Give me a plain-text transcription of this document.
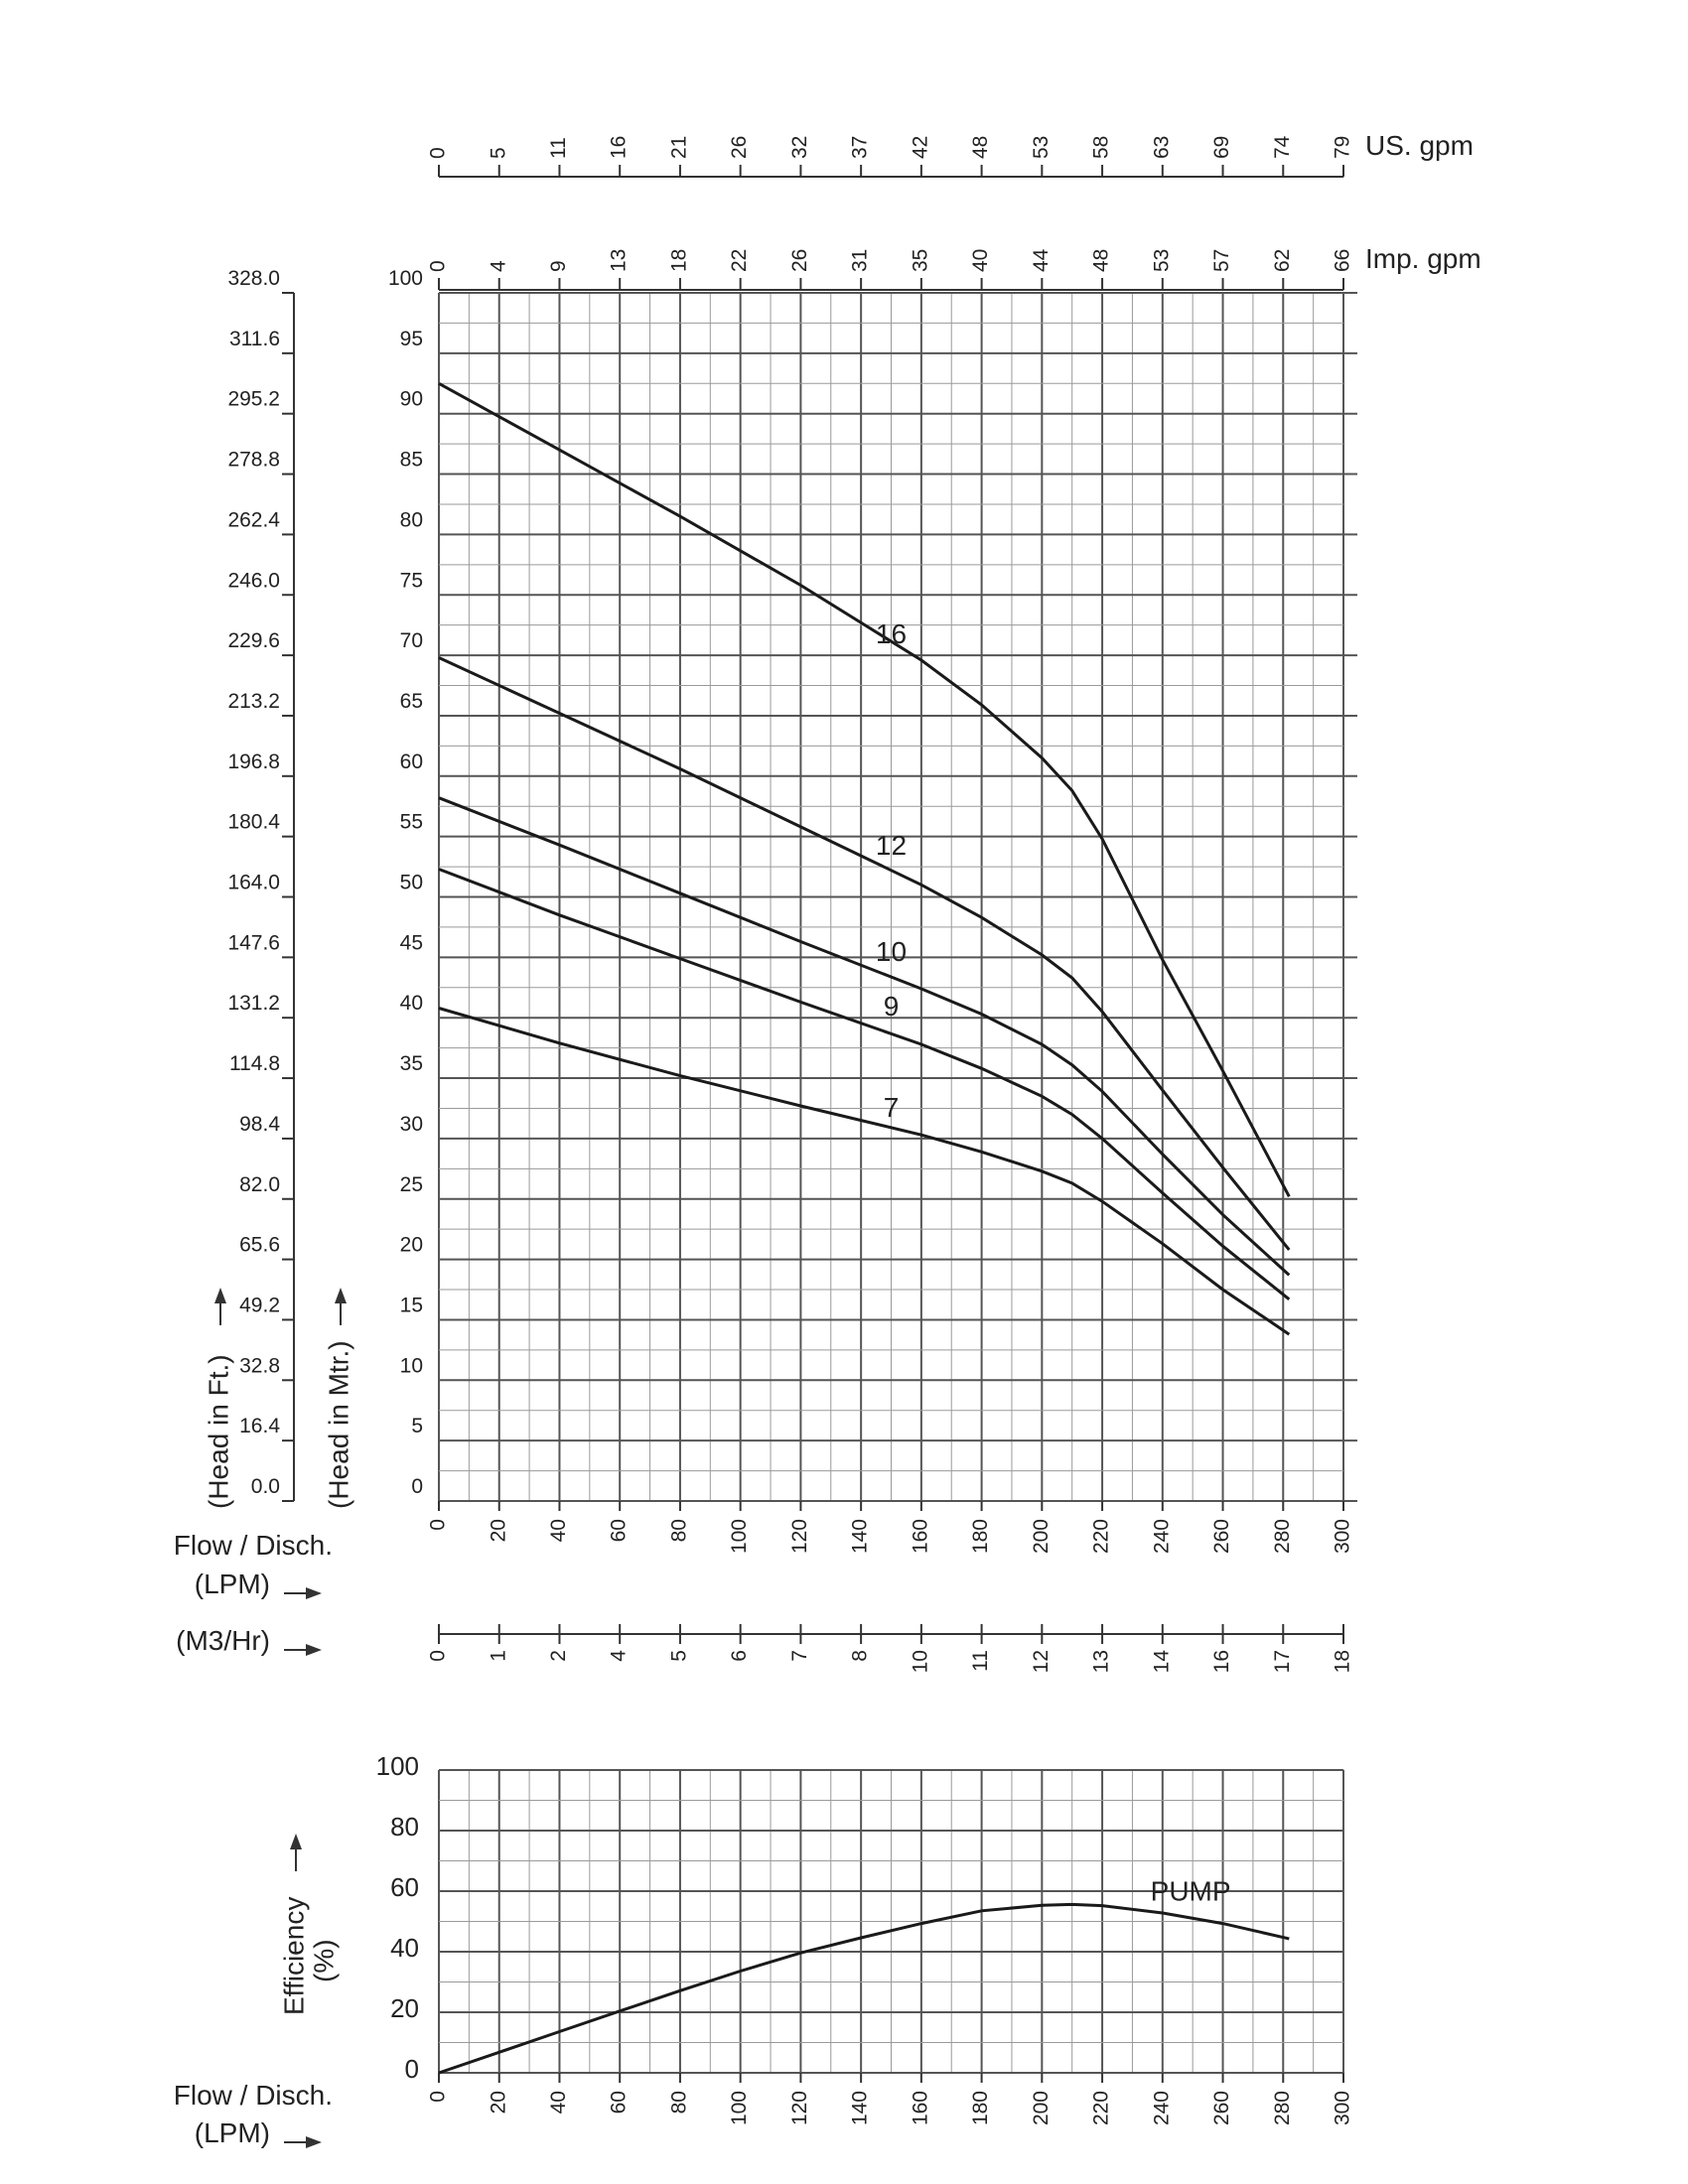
0 5 11 16 21 26 32 37 42 48 53 58 63 69 74 79 US. gpm
0 4 9 13 18 22 26 31 35 40 44 48 53 57 62 66 Imp. gpm
0
5
10
15
20
25
30
35
40
45
50
55
60
65
70
75
80
85
90
95
100
0.0
16.4
32.8
49.2
65.6
82.0
98.4
114.8
131.2
147.6
164.0
180.4
196.8
213.2
229.6
246.0
262.4
278.8
295.2
311.6
328.0
0 20 40 60 80 100 120 140 160 180 200 220 240 260 280 300
0 1 2 4 5 6 7 8 10 11 12 13 14 16 17 18
16
12
10
9
7
0
20
40
60
80
100
0 20 40 60 80 100 120 140 160 180 200 220 240 260 280 300
PUMP
Flow / Disch.
(LPM)
(M3/Hr)
(Head in Ft.)	(Head in Mtr.)
Efficiency (%)
Flow / Disch.
(LPM)
